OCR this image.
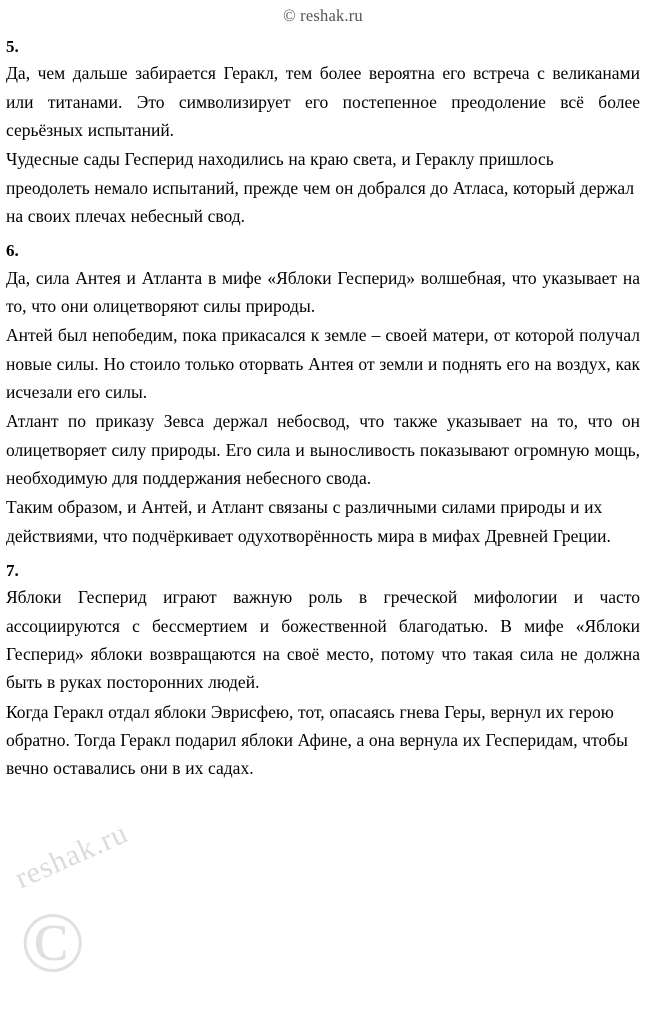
©
reshak.ru
© reshak.ru
5.

Да, чем дальше забирается Геракл, тем более вероятна его встреча с великанами или титанами. Это символизирует его постепенное преодоление всё более серьёзных испытаний.

Чудесные сады Гесперид находились на краю света, и Гераклу пришлось преодолеть немало испытаний, прежде чем он добрался до Атласа, который держал на своих плечах небесный свод.

6.

Да, сила Антея и Атланта в мифе «Яблоки Гесперид» волшебная, что указывает на то, что они олицетворяют силы природы.

Антей был непобедим, пока прикасался к земле – своей матери, от которой получал новые силы. Но стоило только оторвать Антея от земли и поднять его на воздух, как исчезали его силы.

Атлант по приказу Зевса держал небосвод, что также указывает на то, что он олицетворяет силу природы. Его сила и выносливость показывают огромную мощь, необходимую для поддержания небесного свода.

Таким образом, и Антей, и Атлант связаны с различными силами природы и их действиями, что подчёркивает одухотворённость мира в мифах Древней Греции.

7.

Яблоки Гесперид играют важную роль в греческой мифологии и часто ассоциируются с бессмертием и божественной благодатью. В мифе «Яблоки Гесперид» яблоки возвращаются на своё место, потому что такая сила не должна быть в руках посторонних людей.

Когда Геракл отдал яблоки Эврисфею, тот, опасаясь гнева Геры, вернул их герою обратно. Тогда Геракл подарил яблоки Афине, а она вернула их Гесперидам, чтобы вечно оставались они в их садах.
